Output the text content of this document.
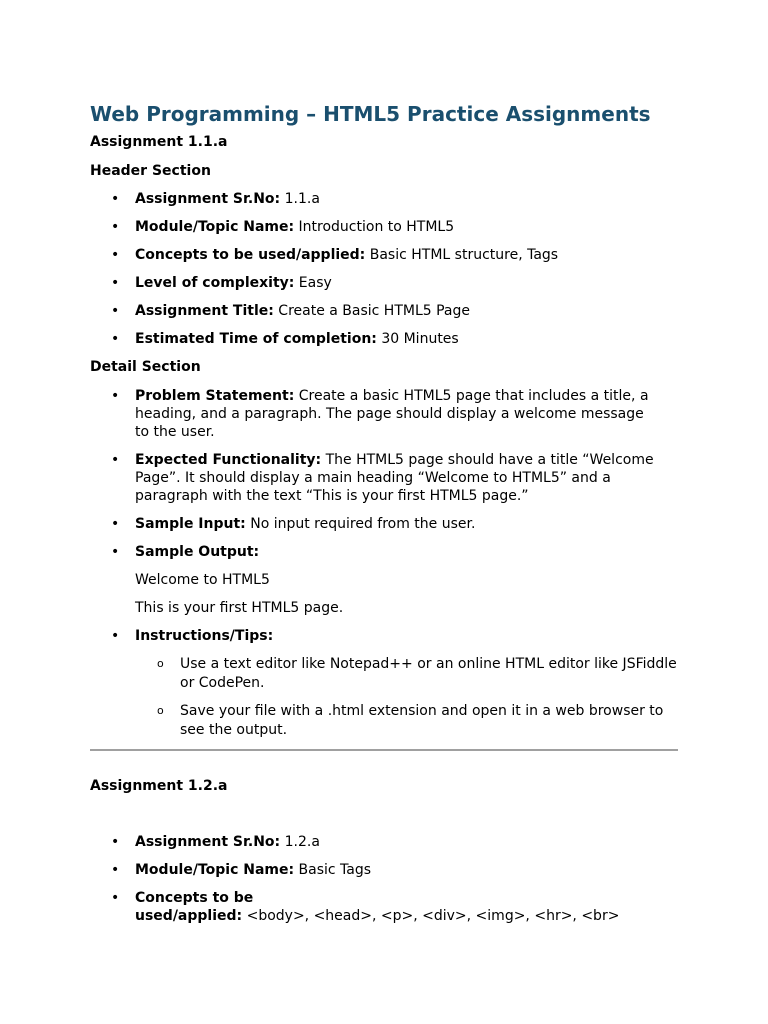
Web Programming – HTML5 Practice Assignments
Assignment 1.1.a
Header Section
• Assignment Sr.No: 1.1.a
• Module/Topic Name: Introduction to HTML5
• Concepts to be used/applied: Basic HTML structure, Tags
• Level of complexity: Easy
• Assignment Title: Create a Basic HTML5 Page
• Estimated Time of completion: 30 Minutes
Detail Section
• Problem Statement: Create a basic HTML5 page that includes a title, a heading, and a paragraph. The page should display a welcome message to the user.
• Expected Functionality: The HTML5 page should have a title “Welcome Page”. It should display a main heading “Welcome to HTML5” and a paragraph with the text “This is your first HTML5 page.”
• Sample Input: No input required from the user.
• Sample Output:
Welcome to HTML5
This is your first HTML5 page.
• Instructions/Tips:
o Use a text editor like Notepad++ or an online HTML editor like JSFiddle or CodePen.
o Save your file with a .html extension and open it in a web browser to see the output.
Assignment 1.2.a
• Assignment Sr.No: 1.2.a
• Module/Topic Name: Basic Tags
• Concepts to be
used/applied: <body>, <head>, <p>, <div>, <img>, <hr>, <br>
